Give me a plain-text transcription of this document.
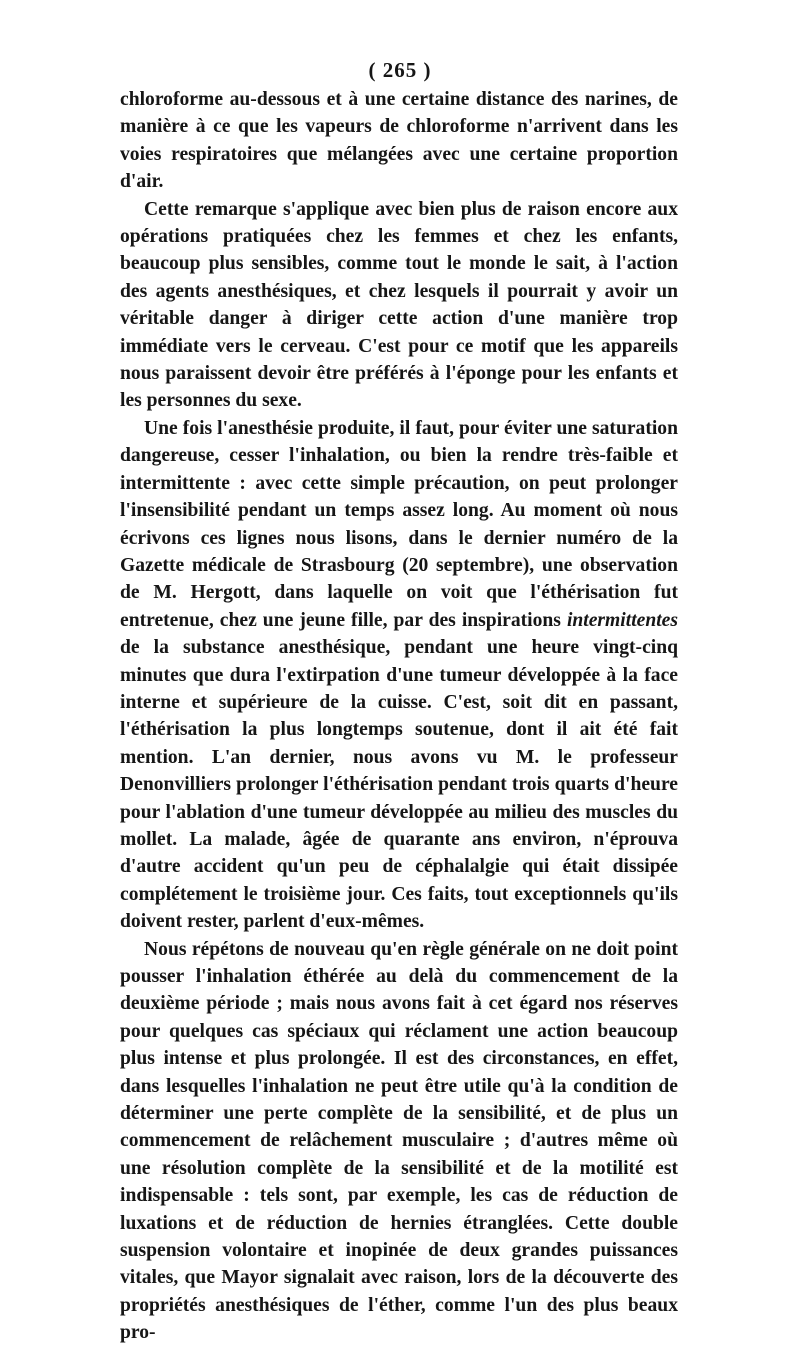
( 265 )

chloroforme au-dessous et à une certaine distance des narines, de manière à ce que les vapeurs de chloroforme n'arrivent dans les voies respiratoires que mélangées avec une certaine proportion d'air.

Cette remarque s'applique avec bien plus de raison encore aux opérations pratiquées chez les femmes et chez les enfants, beaucoup plus sensibles, comme tout le monde le sait, à l'action des agents anesthésiques, et chez lesquels il pourrait y avoir un véritable danger à diriger cette action d'une manière trop immédiate vers le cerveau. C'est pour ce motif que les appareils nous paraissent devoir être préférés à l'éponge pour les enfants et les personnes du sexe.

Une fois l'anesthésie produite, il faut, pour éviter une saturation dangereuse, cesser l'inhalation, ou bien la rendre très-faible et intermittente : avec cette simple précaution, on peut prolonger l'insensibilité pendant un temps assez long. Au moment où nous écrivons ces lignes nous lisons, dans le dernier numéro de la Gazette médicale de Strasbourg (20 septembre), une observation de M. Hergott, dans laquelle on voit que l'éthérisation fut entretenue, chez une jeune fille, par des inspirations intermittentes de la substance anesthésique, pendant une heure vingt-cinq minutes que dura l'extirpation d'une tumeur développée à la face interne et supérieure de la cuisse. C'est, soit dit en passant, l'éthérisation la plus longtemps soutenue, dont il ait été fait mention. L'an dernier, nous avons vu M. le professeur Denonvilliers prolonger l'éthérisation pendant trois quarts d'heure pour l'ablation d'une tumeur développée au milieu des muscles du mollet. La malade, âgée de quarante ans environ, n'éprouva d'autre accident qu'un peu de céphalalgie qui était dissipée complétement le troisième jour. Ces faits, tout exceptionnels qu'ils doivent rester, parlent d'eux-mêmes.

Nous répétons de nouveau qu'en règle générale on ne doit point pousser l'inhalation éthérée au delà du commencement de la deuxième période ; mais nous avons fait à cet égard nos réserves pour quelques cas spéciaux qui réclament une action beaucoup plus intense et plus prolongée. Il est des circonstances, en effet, dans lesquelles l'inhalation ne peut être utile qu'à la condition de déterminer une perte complète de la sensibilité, et de plus un commencement de relâchement musculaire ; d'autres même où une résolution complète de la sensibilité et de la motilité est indispensable : tels sont, par exemple, les cas de réduction de luxations et de réduction de hernies étranglées. Cette double suspension volontaire et inopinée de deux grandes puissances vitales, que Mayor signalait avec raison, lors de la découverte des propriétés anesthésiques de l'éther, comme l'un des plus beaux pro-
